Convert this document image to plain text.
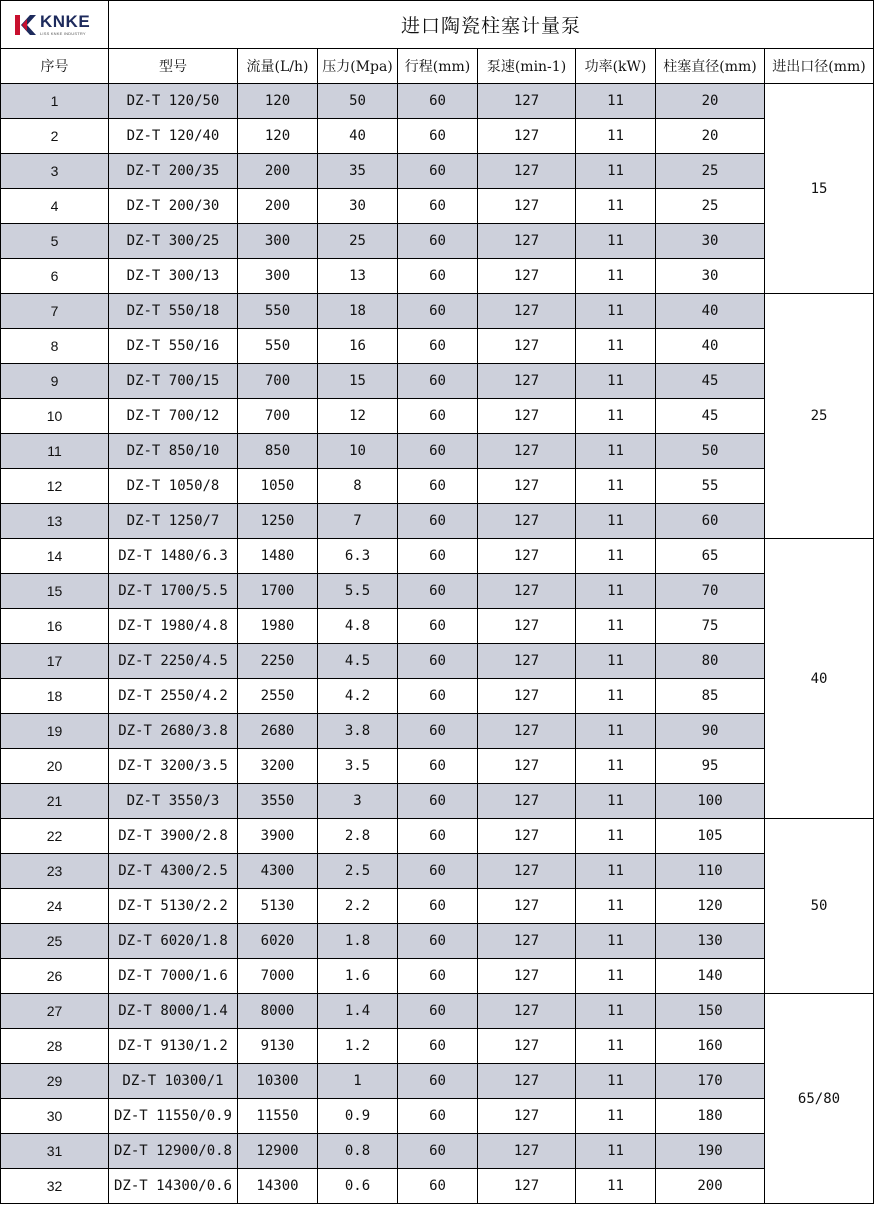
KNKE
LISS KNKE INDUSTRY	进口陶瓷柱塞计量泵							
序号	型号	流量(L/h)	压力(Mpa)	行程(mm)	泵速(min-1)	功率(kW)	柱塞直径(mm)	进出口径(mm)
1	DZ-T 120/50	120	50	60	127	11	20	15
2	DZ-T 120/40	120	40	60	127	11	20	
3	DZ-T 200/35	200	35	60	127	11	25	
4	DZ-T 200/30	200	30	60	127	11	25	
5	DZ-T 300/25	300	25	60	127	11	30	
6	DZ-T 300/13	300	13	60	127	11	30	
7	DZ-T 550/18	550	18	60	127	11	40	25
8	DZ-T 550/16	550	16	60	127	11	40	
9	DZ-T 700/15	700	15	60	127	11	45	
10	DZ-T 700/12	700	12	60	127	11	45	
11	DZ-T 850/10	850	10	60	127	11	50	
12	DZ-T 1050/8	1050	8	60	127	11	55	
13	DZ-T 1250/7	1250	7	60	127	11	60	
14	DZ-T 1480/6.3	1480	6.3	60	127	11	65	40
15	DZ-T 1700/5.5	1700	5.5	60	127	11	70	
16	DZ-T 1980/4.8	1980	4.8	60	127	11	75	
17	DZ-T 2250/4.5	2250	4.5	60	127	11	80	
18	DZ-T 2550/4.2	2550	4.2	60	127	11	85	
19	DZ-T 2680/3.8	2680	3.8	60	127	11	90	
20	DZ-T 3200/3.5	3200	3.5	60	127	11	95	
21	DZ-T 3550/3	3550	3	60	127	11	100	
22	DZ-T 3900/2.8	3900	2.8	60	127	11	105	50
23	DZ-T 4300/2.5	4300	2.5	60	127	11	110	
24	DZ-T 5130/2.2	5130	2.2	60	127	11	120	
25	DZ-T 6020/1.8	6020	1.8	60	127	11	130	
26	DZ-T 7000/1.6	7000	1.6	60	127	11	140	
27	DZ-T 8000/1.4	8000	1.4	60	127	11	150	65/80
28	DZ-T 9130/1.2	9130	1.2	60	127	11	160	
29	DZ-T 10300/1	10300	1	60	127	11	170	
30	DZ-T 11550/0.9	11550	0.9	60	127	11	180	
31	DZ-T 12900/0.8	12900	0.8	60	127	11	190	
32	DZ-T 14300/0.6	14300	0.6	60	127	11	200	
